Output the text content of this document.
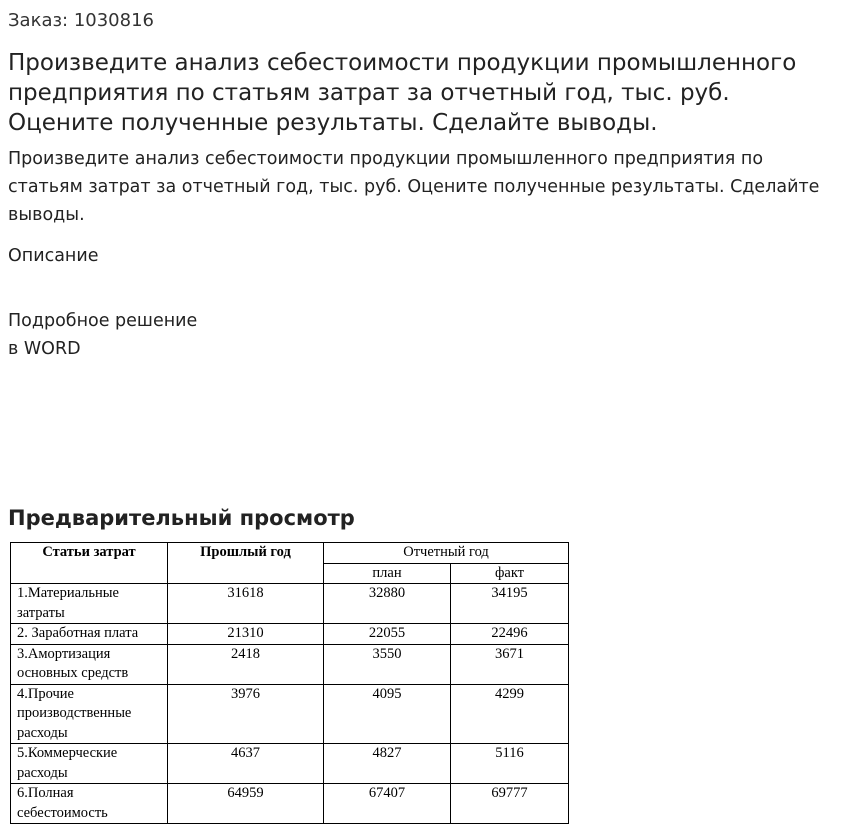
Заказ: 1030816
Произведите анализ себестоимости продукции промышленного предприятия по статьям затрат за отчетный год, тыс. руб. Оцените полученные результаты. Сделайте выводы.

Произведите анализ себестоимости продукции промышленного предприятия по статьям затрат за отчетный год, тыс. руб. Оцените полученные результаты. Сделайте выводы.

Описание
Подробное решение
в WORD
Предварительный просмотр
Статьи затрат	Прошлый год	Отчетный год	
		план	факт
1.Материальные затраты	31618	32880	34195
2. Заработная плата	21310	22055	22496
3.Амортизация основных средств	2418	3550	3671
4.Прочие производственные расходы	3976	4095	4299
5.Коммерческие расходы	4637	4827	5116
6.Полная себестоимость	64959	67407	69777
